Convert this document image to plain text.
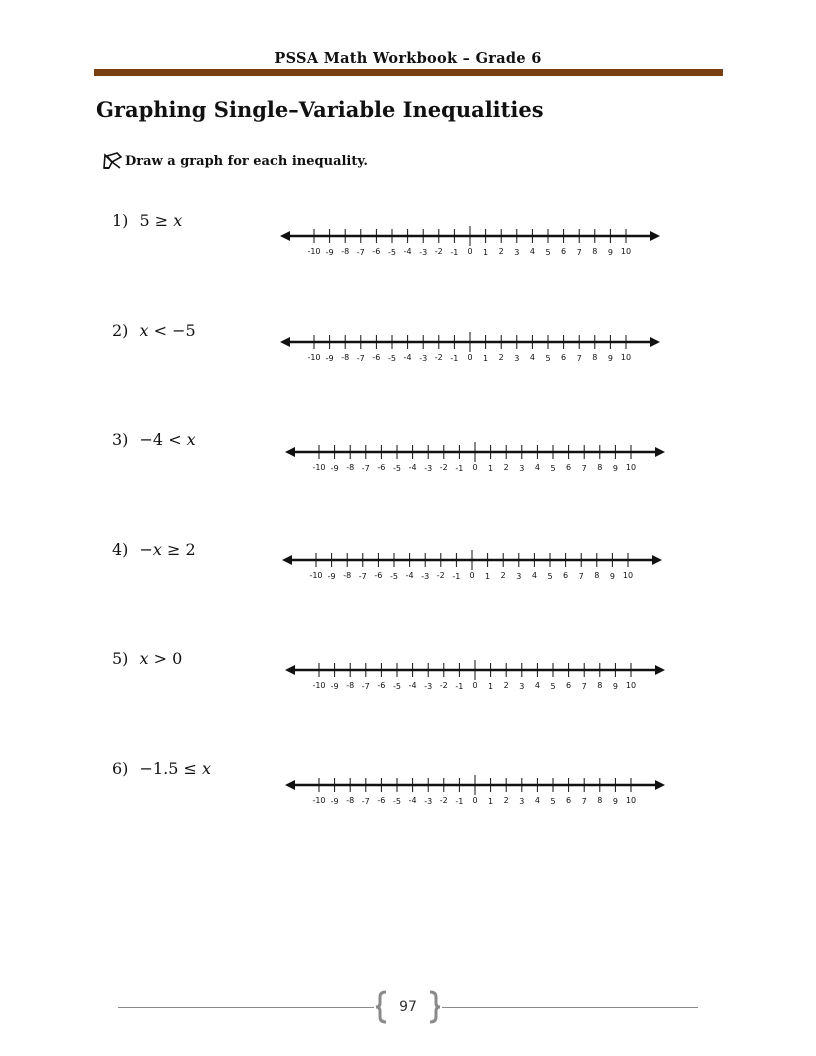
PSSA Math Workbook – Grade 6
Graphing Single–Variable Inequalities
Draw a graph for each inequality.
1) 5 ≥ 𝑥
2) 𝑥 < −5
3) −4 < 𝑥
4) −𝑥 ≥ 2
5) 𝑥 > 0
6) −1.5 ≤ 𝑥
-10 -9 -8 -7 -6 -5 -4 -3 -2 -1 0 1 2 3 4 5 6 7 8 9 10
-10 -9 -8 -7 -6 -5 -4 -3 -2 -1 0 1 2 3 4 5 6 7 8 9 10
-10 -9 -8 -7 -6 -5 -4 -3 -2 -1 0 1 2 3 4 5 6 7 8 9 10
-10 -9 -8 -7 -6 -5 -4 -3 -2 -1 0 1 2 3 4 5 6 7 8 9 10
-10 -9 -8 -7 -6 -5 -4 -3 -2 -1 0 1 2 3 4 5 6 7 8 9 10
-10 -9 -8 -7 -6 -5 -4 -3 -2 -1 0 1 2 3 4 5 6 7 8 9 10
97
